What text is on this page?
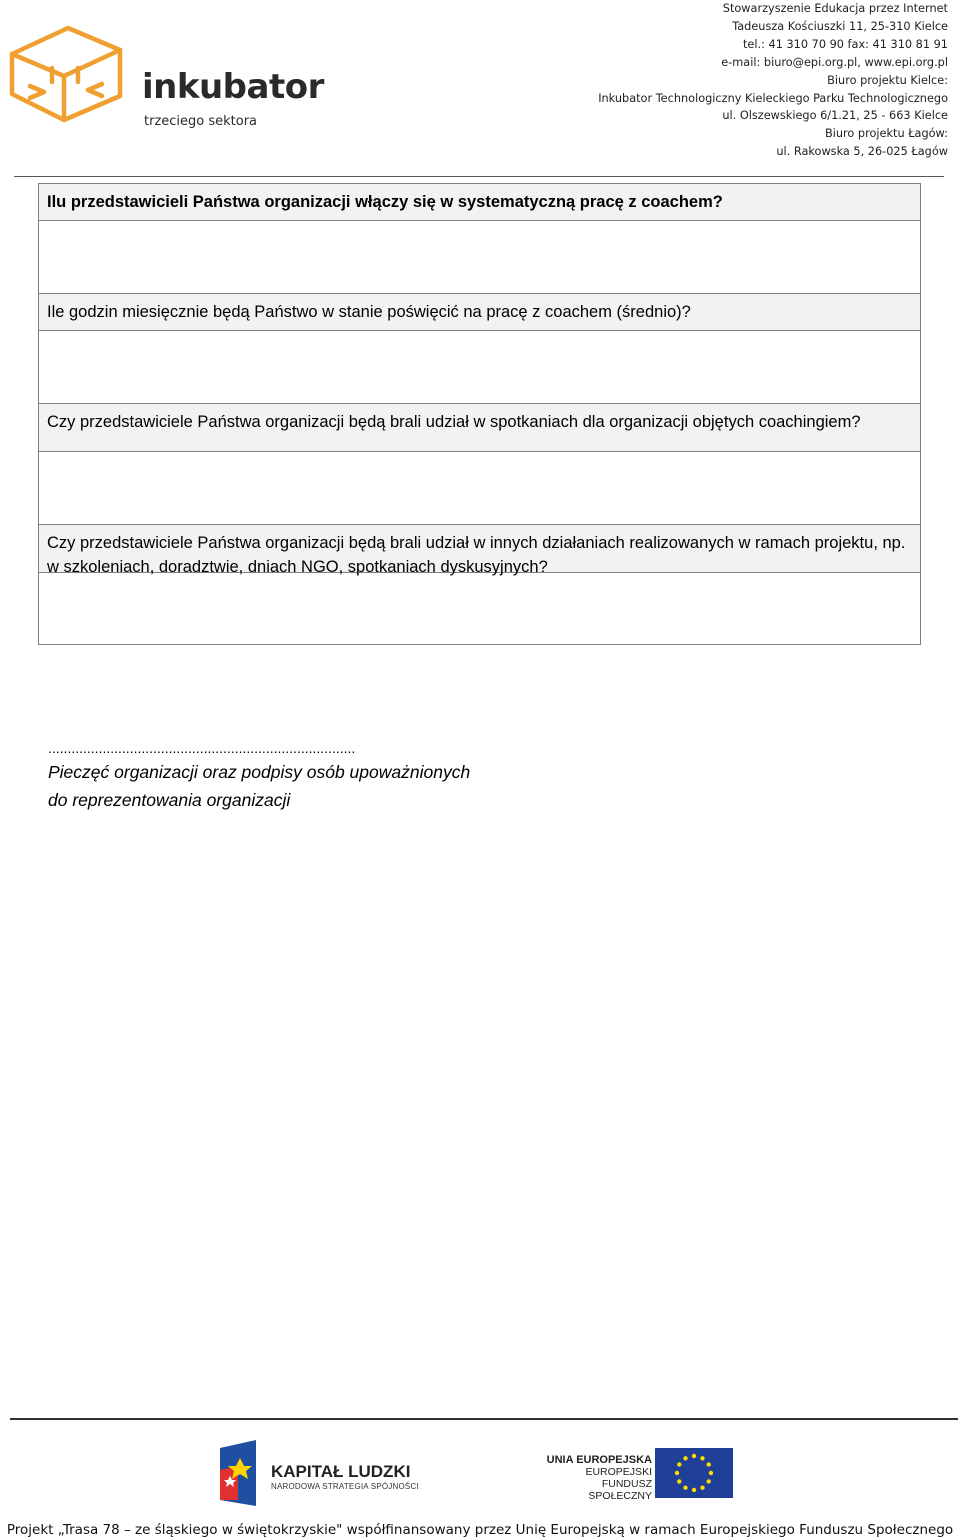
inkubator
trzeciego sektora
Stowarzyszenie Edukacja przez Internet
Tadeusza Kościuszki 11, 25-310 Kielce
tel.: 41 310 70 90 fax: 41 310 81 91
e-mail: biuro@epi.org.pl, www.epi.org.pl
Biuro projektu Kielce:
Inkubator Technologiczny Kieleckiego Parku Technologicznego
ul. Olszewskiego 6/1.21, 25 - 663 Kielce
Biuro projektu Łagów:
ul. Rakowska 5, 26-025 Łagów
Ilu przedstawicieli Państwa organizacji włączy się w systematyczną pracę z coachem?
Ile godzin miesięcznie będą Państwo w stanie poświęcić na pracę z coachem (średnio)?
Czy przedstawiciele Państwa organizacji będą brali udział w spotkaniach dla organizacji objętych coachingiem?
Czy przedstawiciele Państwa organizacji będą brali udział w innych działaniach realizowanych w ramach projektu, np. w szkoleniach, doradztwie, dniach NGO, spotkaniach dyskusyjnych?
...............................................................................
Pieczęć organizacji oraz podpisy osób upoważnionych
do reprezentowania organizacji
KAPITAŁ LUDZKI
NARODOWA STRATEGIA SPÓJNOŚCI
UNIA EUROPEJSKA
EUROPEJSKI
FUNDUSZ SPOŁECZNY
Projekt „Trasa 78 – ze śląskiego w świętokrzyskie" współfinansowany przez Unię Europejską w ramach Europejskiego Funduszu Społecznego
